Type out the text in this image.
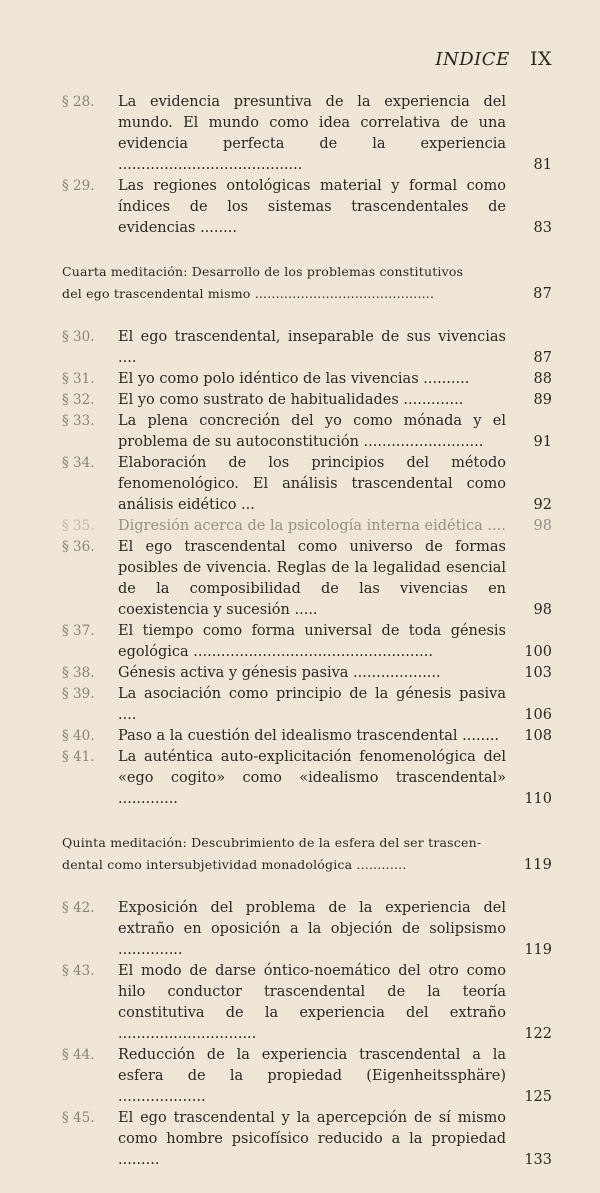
INDICE IX
§ 28.	La evidencia presuntiva de la experiencia del mundo. El mundo como idea correlativa de una evidencia perfecta de la experiencia ........................................	81
§ 29.	Las regiones ontológicas material y formal como índices de los sistemas trascendentales de evidencias ........	83
Cuarta meditación: Desarrollo de los problemas constitutivos
del ego trascendental mismo ...........................................	87
§ 30.	El ego trascendental, inseparable de sus vivencias ....	87
§ 31.	El yo como polo idéntico de las vivencias ..........	88
§ 32.	El yo como sustrato de habitualidades .............	89
§ 33.	La plena concreción del yo como mónada y el problema de su autoconstitución ..........................	91
§ 34.	Elaboración de los principios del método fenomenológico. El análisis trascendental como análisis eidético ...	92
§ 35.	Digresión acerca de la psicología interna eidética ....	98
§ 36.	El ego trascendental como universo de formas posibles de vivencia. Reglas de la legalidad esencial de la composibilidad de las vivencias en coexistencia y sucesión .....	98
§ 37.	El tiempo como forma universal de toda génesis egológica ....................................................	100
§ 38.	Génesis activa y génesis pasiva ...................	103
§ 39.	La asociación como principio de la génesis pasiva ....	106
§ 40.	Paso a la cuestión del idealismo trascendental ........	108
§ 41.	La auténtica auto-explicitación fenomenológica del «ego cogito» como «idealismo trascendental» .............	110
Quinta meditación: Descubrimiento de la esfera del ser trascen-
dental como intersubjetividad monadológica ............	119
§ 42.	Exposición del problema de la experiencia del extraño en oposición a la objeción de solipsismo ..............	119
§ 43.	El modo de darse óntico-noemático del otro como hilo conductor trascendental de la teoría constitutiva de la experiencia del extraño ..............................	122
§ 44.	Reducción de la experiencia trascendental a la esfera de la propiedad (Eigenheitssphäre) ...................	125
§ 45.	El ego trascendental y la apercepción de sí mismo como hombre psicofísico reducido a la propiedad .........	133
